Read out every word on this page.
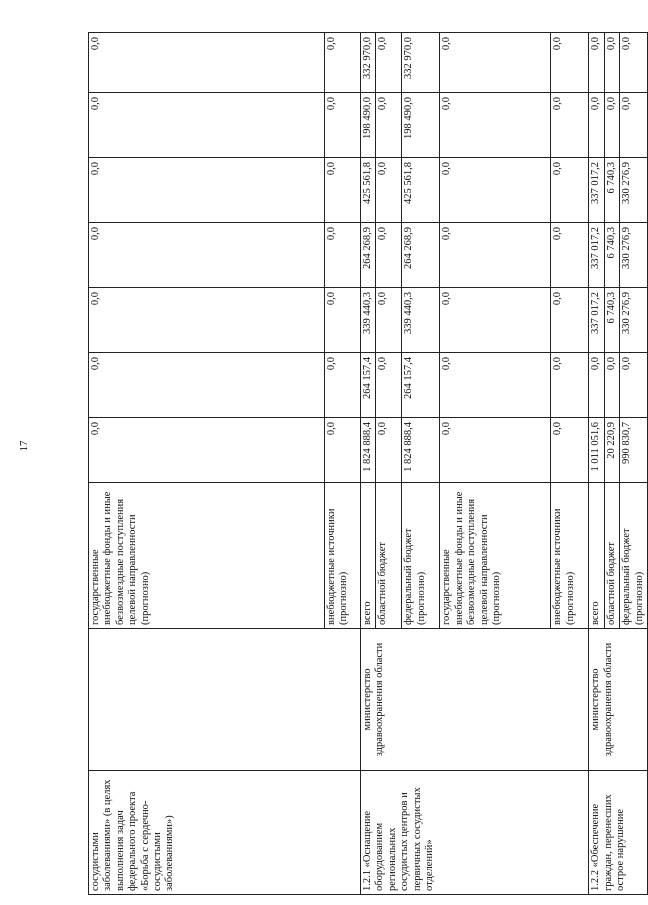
17
сосудистыми заболеваниями» (в целях выполнения задач федерального проекта «Борьба с сердечно-сосудистыми заболеваниями»)		государственные внебюджетные фонды и иные безвозмездные поступления целевой направленности (прогнозно)	0,0	0,0	0,0	0,0	0,0	0,0	0,0
		внебюджетные источники (прогнозно)	0,0	0,0	0,0	0,0	0,0	0,0	0,0
1.2.1 «Оснащение оборудованием региональных сосудистых центров и первичных сосудистых отделений»	министерство здравоохранения области	всего	1 824 888,4	264 157,4	339 440,3	264 268,9	425 561,8	198 490,0	332 970,0
		областной бюджет	0,0	0,0	0,0	0,0	0,0	0,0	0,0
		федеральный бюджет (прогнозно)	1 824 888,4	264 157,4	339 440,3	264 268,9	425 561,8	198 490,0	332 970,0
		государственные внебюджетные фонды и иные безвозмездные поступления целевой направленности (прогнозно)	0,0	0,0	0,0	0,0	0,0	0,0	0,0
		внебюджетные источники (прогнозно)	0,0	0,0	0,0	0,0	0,0	0,0	0,0
1.2.2 «Обеспечение граждан, перенесших острое нарушение	министерство здравоохранения области	всего	1 011 051,6	0,0	337 017,2	337 017,2	337 017,2	0,0	0,0
		областной бюджет	20 220,9	0,0	6 740,3	6 740,3	6 740,3	0,0	0,0
		федеральный бюджет (прогнозно)	990 830,7	0,0	330 276,9	330 276,9	330 276,9	0,0	0,0
